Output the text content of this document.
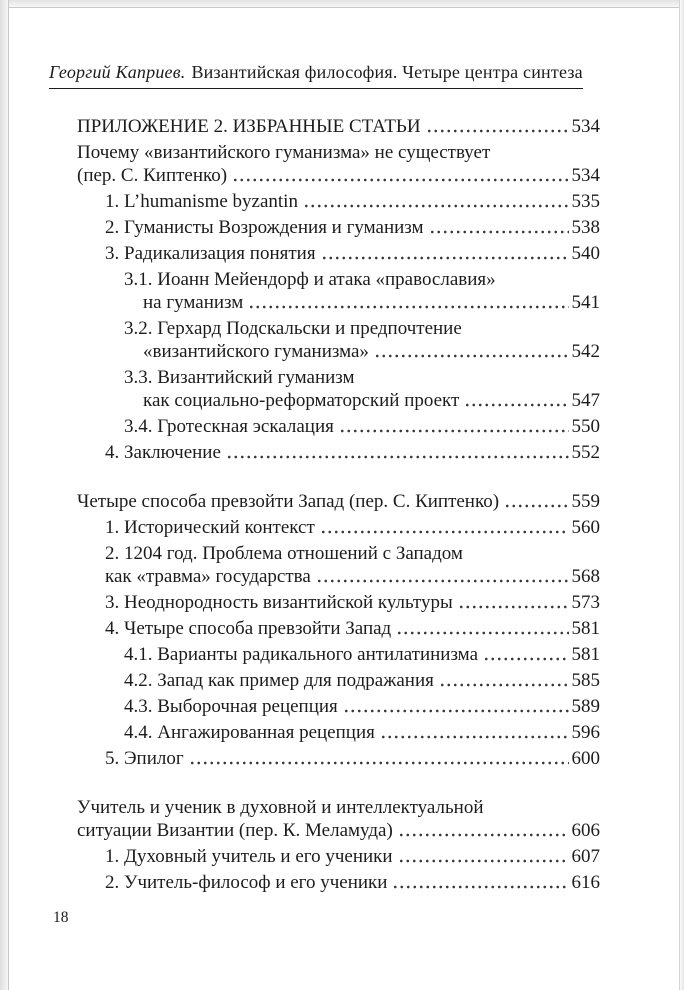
Георгий Каприев. Византийская философия. Четыре центра синтеза
ПРИЛОЖЕНИЕ 2. ИЗБРАННЫЕ СТАТЬИ	534
Почему «византийского гуманизма» не существует
(пер. С. Киптенко)	534
1. L’humanisme byzantin	535
2. Гуманисты Возрождения и гуманизм	538
3. Радикализация понятия	540
3.1. Иоанн Мейендорф и атака «православия»
на гуманизм	541
3.2. Герхард Подскальски и предпочтение
«византийского гуманизма»	542
3.3. Византийский гуманизм
как социально-реформаторский проект	547
3.4. Гротескная эскалация	550
4. Заключение	552
Четыре способа превзойти Запад (пер. С. Киптенко)	559
1. Исторический контекст	560
2. 1204 год. Проблема отношений с Западом
как «травма» государства	568
3. Неоднородность византийской культуры	573
4. Четыре способа превзойти Запад	581
4.1. Варианты радикального антилатинизма	581
4.2. Запад как пример для подражания	585
4.3. Выборочная рецепция	589
4.4. Ангажированная рецепция	596
5. Эпилог	600
Учитель и ученик в духовной и интеллектуальной
ситуации Византии (пер. К. Меламуда)	606
1. Духовный учитель и его ученики	607
2. Учитель-философ и его ученики	616
18
